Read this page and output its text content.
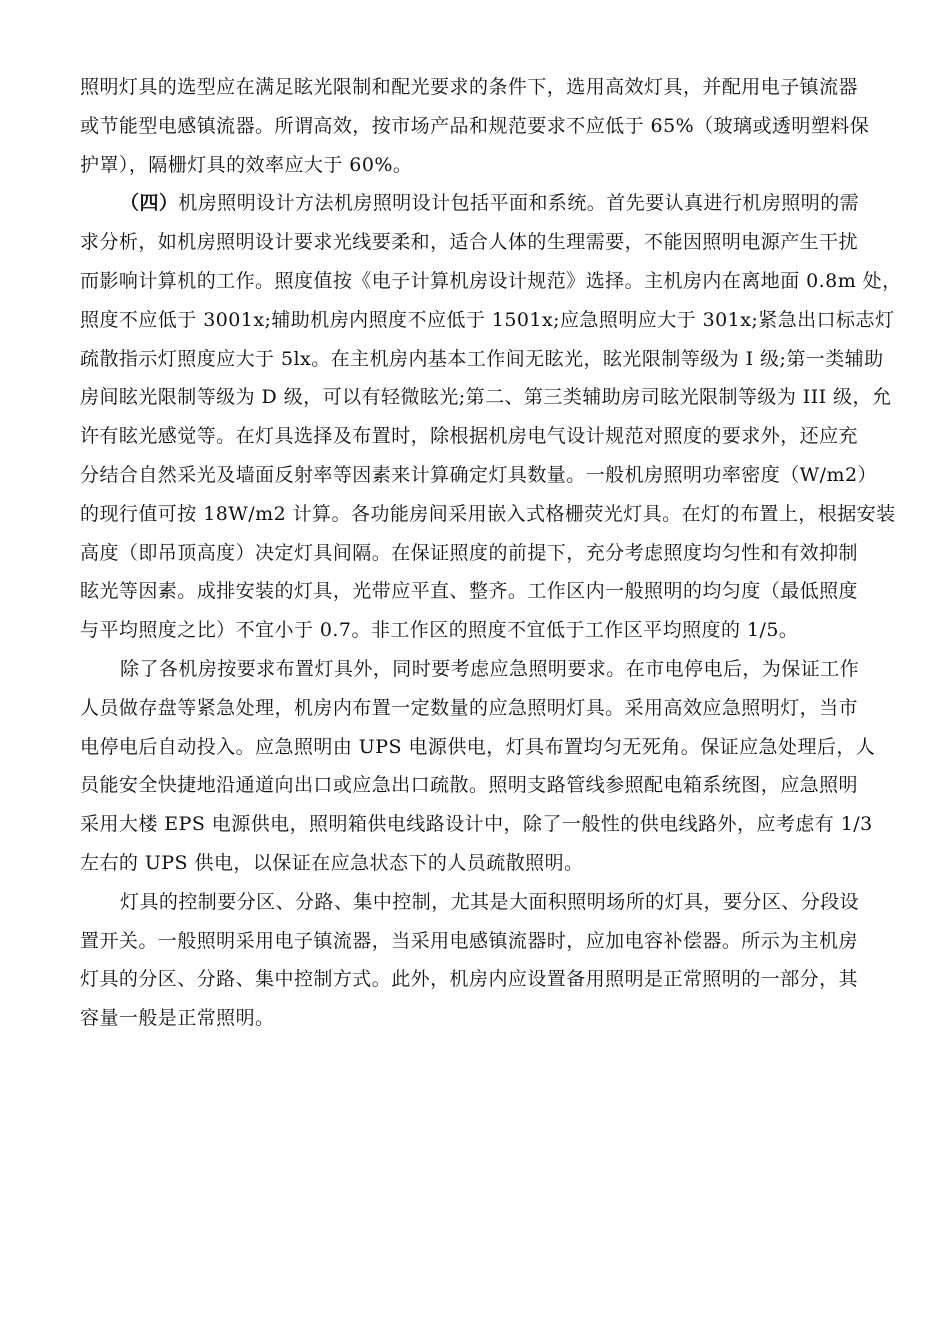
照明灯具的选型应在满足眩光限制和配光要求的条件下，选用高效灯具，并配用电子镇流器
或节能型电感镇流器。所谓高效，按市场产品和规范要求不应低于 65%（玻璃或透明塑料保
护罩），隔栅灯具的效率应大于 60%。
（四）机房照明设计方法机房照明设计包括平面和系统。首先要认真进行机房照明的需
求分析，如机房照明设计要求光线要柔和，适合人体的生理需要，不能因照明电源产生干扰
而影响计算机的工作。照度值按《电子计算机房设计规范》选择。主机房内在离地面 0.8m 处，
照度不应低于 3001x;辅助机房内照度不应低于 1501x;应急照明应大于 301x;紧急出口标志灯
疏散指示灯照度应大于 5lx。在主机房内基本工作间无眩光，眩光限制等级为 I 级;第一类辅助
房间眩光限制等级为 D 级，可以有轻微眩光;第二、第三类辅助房司眩光限制等级为 III 级，允
许有眩光感觉等。在灯具选择及布置时，除根据机房电气设计规范对照度的要求外，还应充
分结合自然采光及墙面反射率等因素来计算确定灯具数量。一般机房照明功率密度（W/m2）
的现行值可按 18W/m2 计算。各功能房间采用嵌入式格栅荧光灯具。在灯的布置上，根据安装
高度（即吊顶高度）决定灯具间隔。在保证照度的前提下，充分考虑照度均匀性和有效抑制
眩光等因素。成排安装的灯具，光带应平直、整齐。工作区内一般照明的均匀度（最低照度
与平均照度之比）不宜小于 0.7。非工作区的照度不宜低于工作区平均照度的 1/5。
除了各机房按要求布置灯具外，同时要考虑应急照明要求。在市电停电后，为保证工作
人员做存盘等紧急处理，机房内布置一定数量的应急照明灯具。采用高效应急照明灯，当市
电停电后自动投入。应急照明由 UPS 电源供电，灯具布置均匀无死角。保证应急处理后，人
员能安全快捷地沿通道向出口或应急出口疏散。照明支路管线参照配电箱系统图，应急照明
采用大楼 EPS 电源供电，照明箱供电线路设计中，除了一般性的供电线路外，应考虑有 1/3
左右的 UPS 供电，以保证在应急状态下的人员疏散照明。
灯具的控制要分区、分路、集中控制，尤其是大面积照明场所的灯具，要分区、分段设
置开关。一般照明采用电子镇流器，当采用电感镇流器时，应加电容补偿器。所示为主机房
灯具的分区、分路、集中控制方式。此外，机房内应设置备用照明是正常照明的一部分，其
容量一般是正常照明。
